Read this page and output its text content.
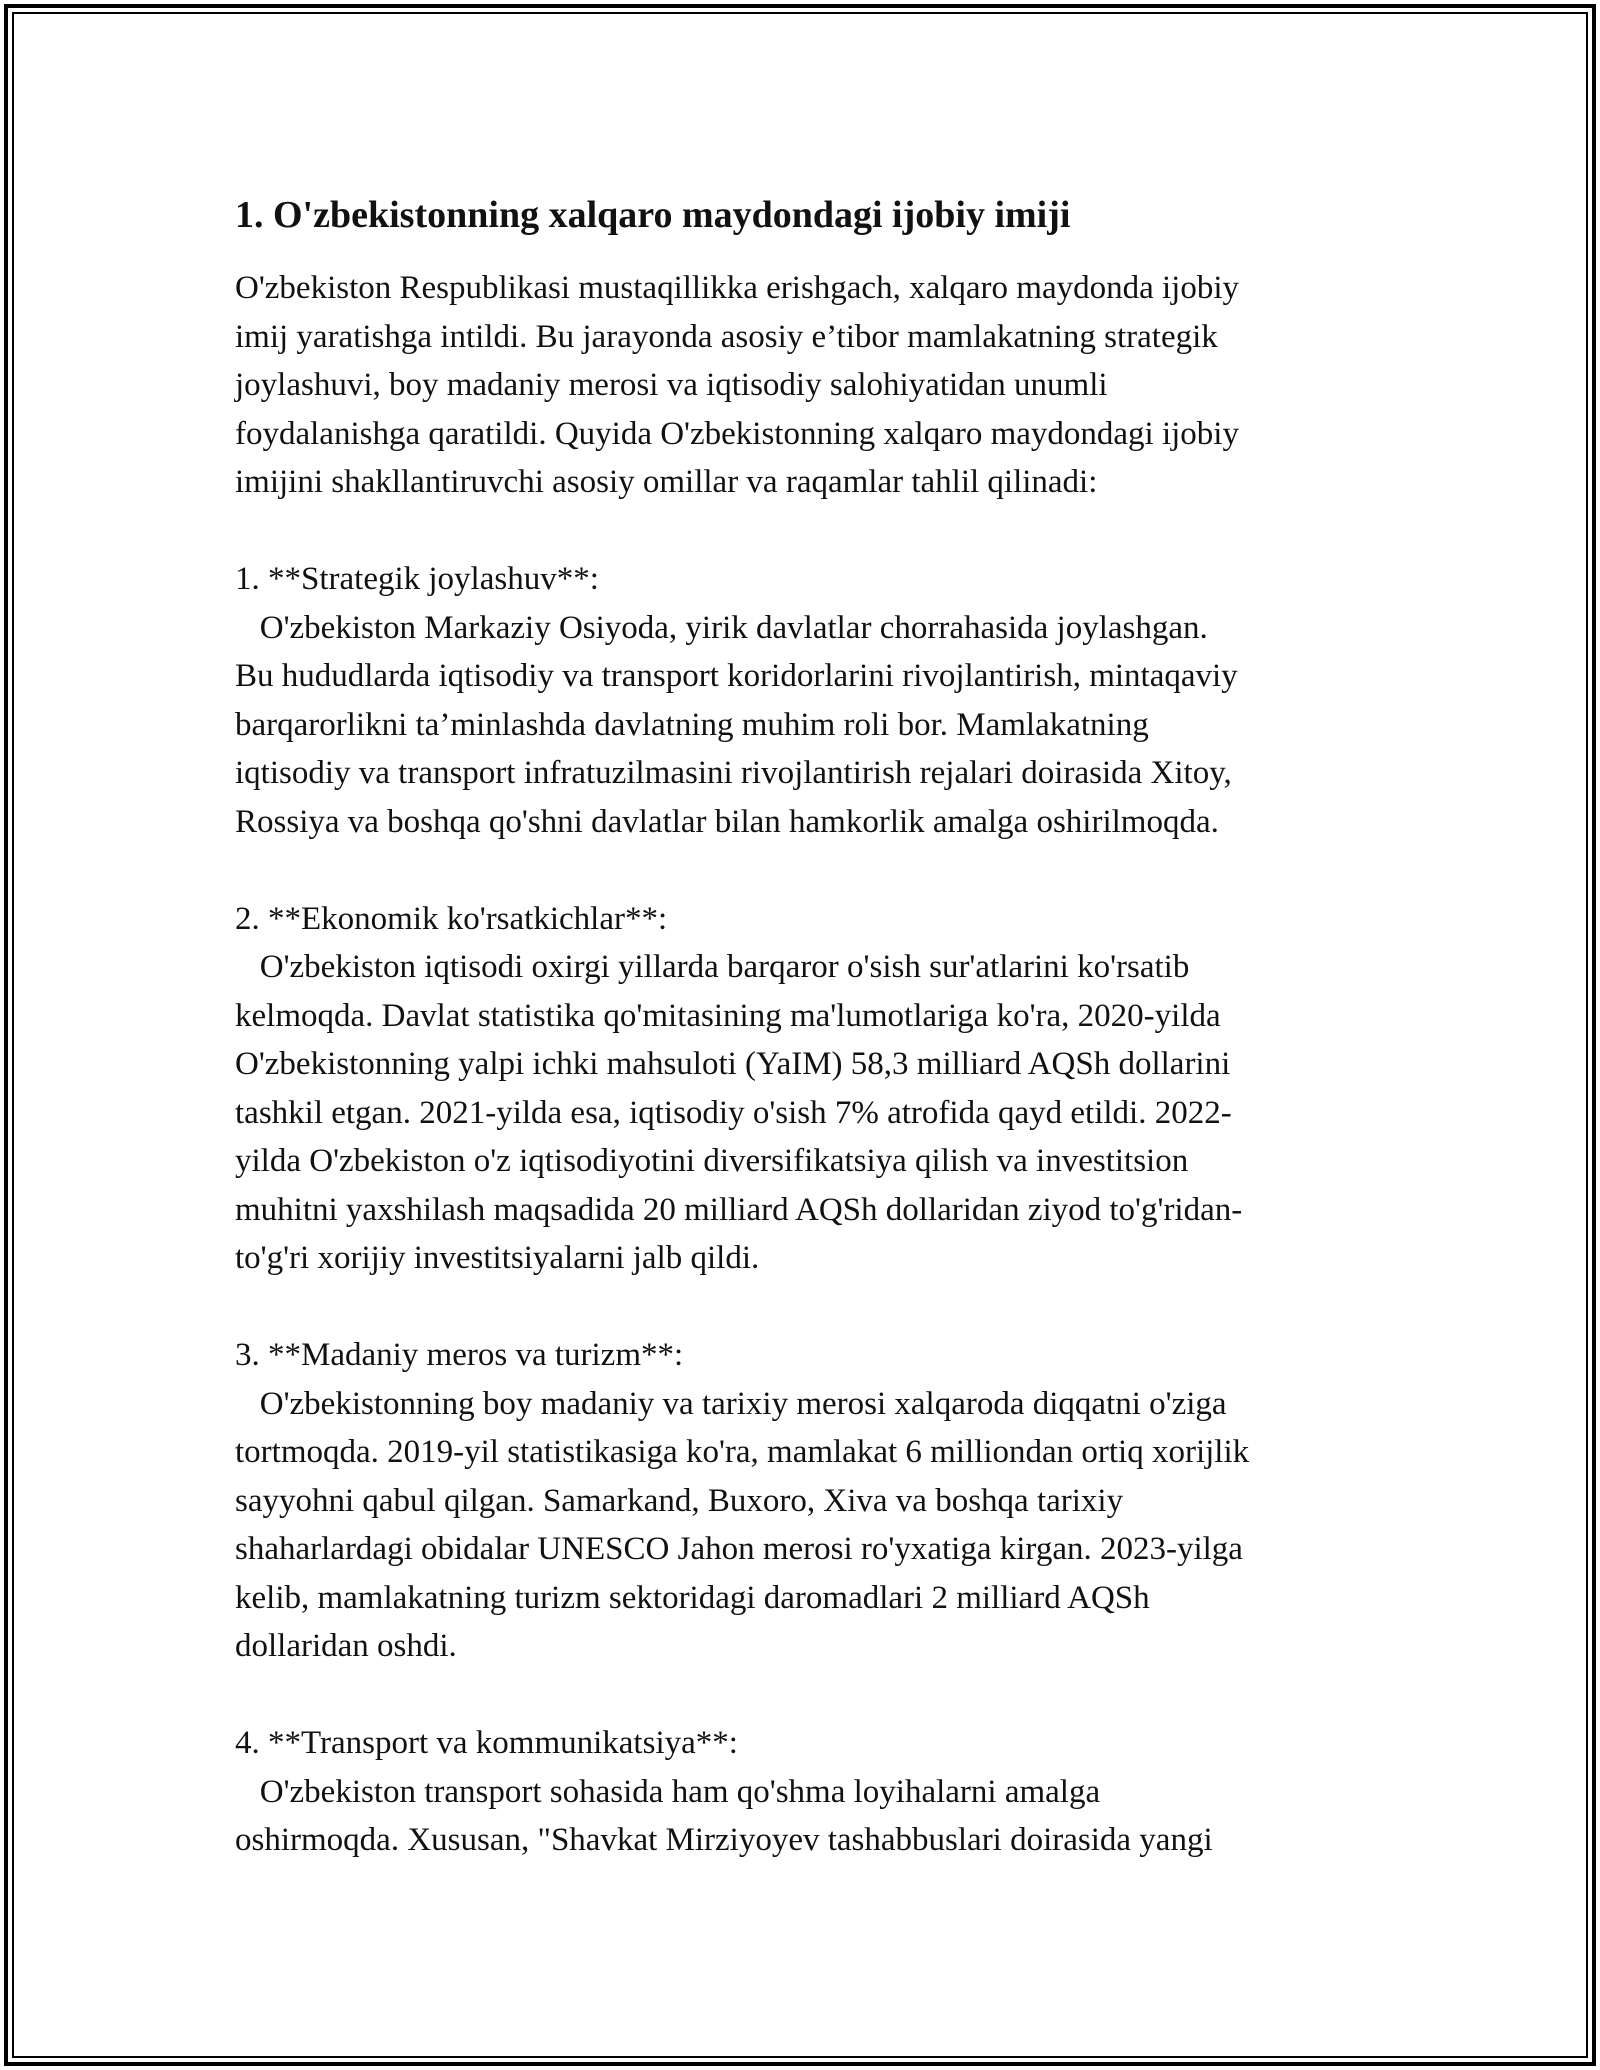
1. O'zbekistonning xalqaro maydondagi ijobiy imiji

O'zbekiston Respublikasi mustaqillikka erishgach, xalqaro maydonda ijobiy
imij yaratishga intildi. Bu jarayonda asosiy e’tibor mamlakatning strategik
joylashuvi, boy madaniy merosi va iqtisodiy salohiyatidan unumli
foydalanishga qaratildi. Quyida O'zbekistonning xalqaro maydondagi ijobiy
imijini shakllantiruvchi asosiy omillar va raqamlar tahlil qilinadi:

1. **Strategik joylashuv**:
O'zbekiston Markaziy Osiyoda, yirik davlatlar chorrahasida joylashgan.
Bu hududlarda iqtisodiy va transport koridorlarini rivojlantirish, mintaqaviy
barqarorlikni ta’minlashda davlatning muhim roli bor. Mamlakatning
iqtisodiy va transport infratuzilmasini rivojlantirish rejalari doirasida Xitoy,
Rossiya va boshqa qo'shni davlatlar bilan hamkorlik amalga oshirilmoqda.
2. **Ekonomik ko'rsatkichlar**:
O'zbekiston iqtisodi oxirgi yillarda barqaror o'sish sur'atlarini ko'rsatib
kelmoqda. Davlat statistika qo'mitasining ma'lumotlariga ko'ra, 2020-yilda
O'zbekistonning yalpi ichki mahsuloti (YaIM) 58,3 milliard AQSh dollarini
tashkil etgan. 2021-yilda esa, iqtisodiy o'sish 7% atrofida qayd etildi. 2022-
yilda O'zbekiston o'z iqtisodiyotini diversifikatsiya qilish va investitsion
muhitni yaxshilash maqsadida 20 milliard AQSh dollaridan ziyod to'g'ridan-
to'g'ri xorijiy investitsiyalarni jalb qildi.
3. **Madaniy meros va turizm**:
O'zbekistonning boy madaniy va tarixiy merosi xalqaroda diqqatni o'ziga
tortmoqda. 2019-yil statistikasiga ko'ra, mamlakat 6 milliondan ortiq xorijlik
sayyohni qabul qilgan. Samarkand, Buxoro, Xiva va boshqa tarixiy
shaharlardagi obidalar UNESCO Jahon merosi ro'yxatiga kirgan. 2023-yilga
kelib, mamlakatning turizm sektoridagi daromadlari 2 milliard AQSh
dollaridan oshdi.
4. **Transport va kommunikatsiya**:
O'zbekiston transport sohasida ham qo'shma loyihalarni amalga
oshirmoqda. Xususan, "Shavkat Mirziyoyev tashabbuslari doirasida yangi
